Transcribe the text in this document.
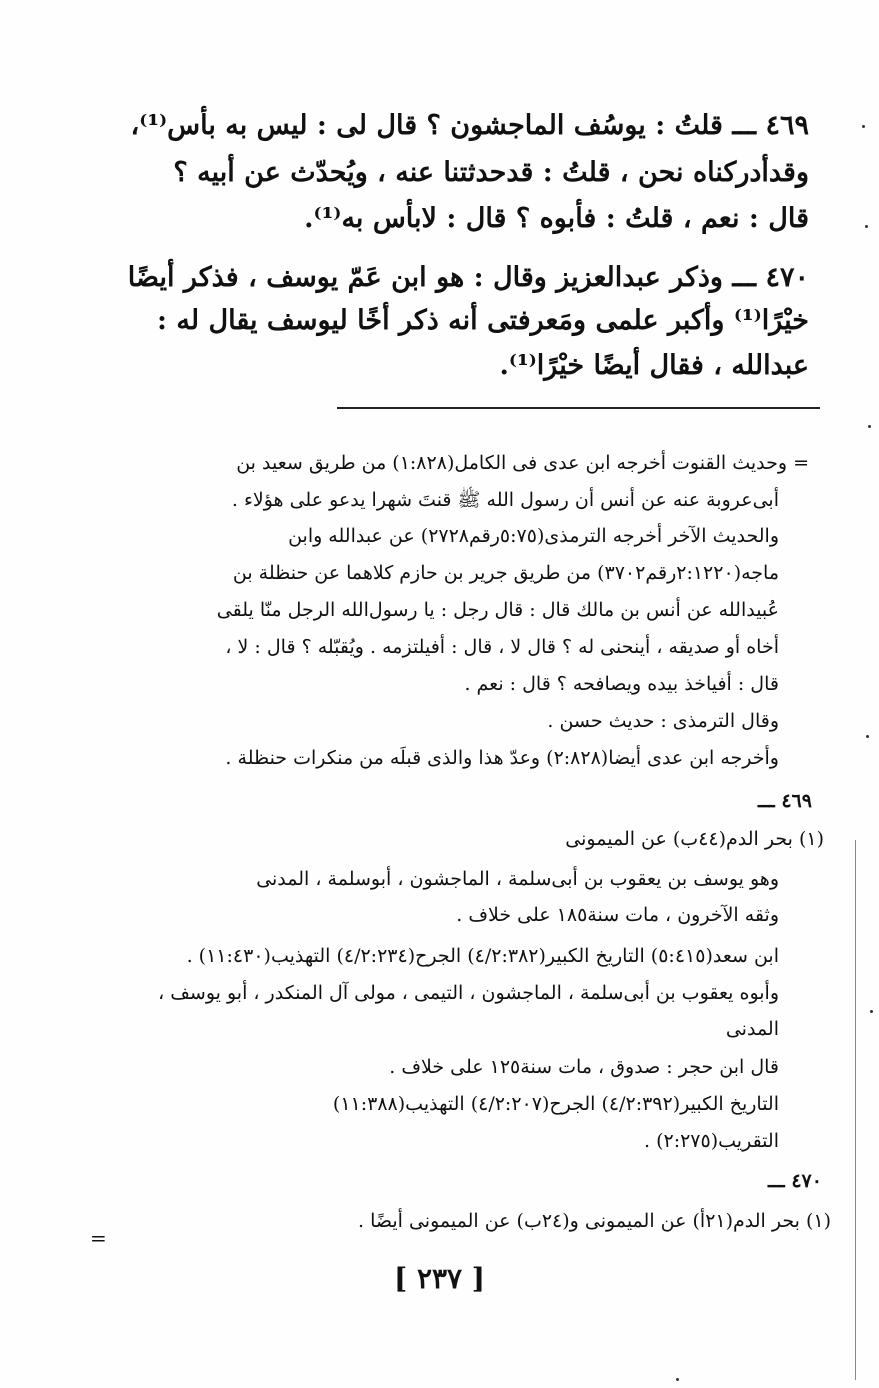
٤٦٩ ـــ قلتُ : يوسُف الماجشون ؟ قال لى : ليس به بأس⁽¹⁾،
وقدأدركناه نحن ، قلتُ : قدحدثتنا عنه ، ويُحدّث عن أبيه ؟
قال : نعم ، قلتُ : فأبوه ؟ قال : لابأس به⁽¹⁾.
٤٧٠ ـــ وذكر عبدالعزيز وقال : هو ابن عَمّ يوسف ، فذكر أيضًا
خيْرًا⁽¹⁾ وأكبر علمى ومَعرفتى أنه ذكر أخًا ليوسف يقال له :
عبدالله ، فقال أيضًا خيْرًا⁽¹⁾.
= وحديث القنوت أخرجه ابن عدى فى الكامل(١:٨٢٨) من طريق سعيد بن
أبى‌عروبة عنه عن أنس أن رسول الله ﷺ قنتَ شهرا يدعو على هؤلاء .
والحديث الآخر أخرجه الترمذى(٥:٧٥رقم٢٧٢٨) عن عبدالله وابن
ماجه(٢:١٢٢٠رقم٣٧٠٢) من طريق جرير بن حازم كلاهما عن حنظلة بن
عُبيدالله عن أنس بن مالك قال : قال رجل : يا رسول‌الله الرجل منّا يلقى
أخاه أو صديقه ، أينحنى له ؟ قال لا ، قال : أفيلتزمه . ويُقبّله ؟ قال : لا ،
قال : أفياخذ بيده ويصافحه ؟ قال : نعم .
وقال الترمذى : حديث حسن .
وأخرجه ابن عدى أيضا(٢:٨٢٨) وعدّ هذا والذى قبلَه من منكرات حنظلة .
٤٦٩ ـــ
(١) بحر الدم(٤٤ب) عن الميمونى
وهو يوسف بن يعقوب بن أبى‌سلمة ، الماجشون ، أبوسلمة ، المدنى
وثقه الآخرون ، مات سنة١٨٥ على خلاف .
ابن سعد(٥:٤١٥) التاريخ الكبير(٤/٢:٣٨٢) الجرح(٤/٢:٢٣٤) التهذيب(١١:٤٣٠) .
وأبوه يعقوب بن أبى‌سلمة ، الماجشون ، التيمى ، مولى آل المنكدر ، أبو يوسف ،
المدنى
قال ابن حجر : صدوق ، مات سنة١٢٥ على خلاف .
التاريخ الكبير(٤/٢:٣٩٢) الجرح(٤/٢:٢٠٧) التهذيب(١١:٣٨٨)
التقريب(٢:٢٧٥) .
٤٧٠ ـــ
(١) بحر الدم(٢١أ) عن الميمونى و(٢٤ب) عن الميمونى أيضًا .
=
[ ٢٣٧ ]
